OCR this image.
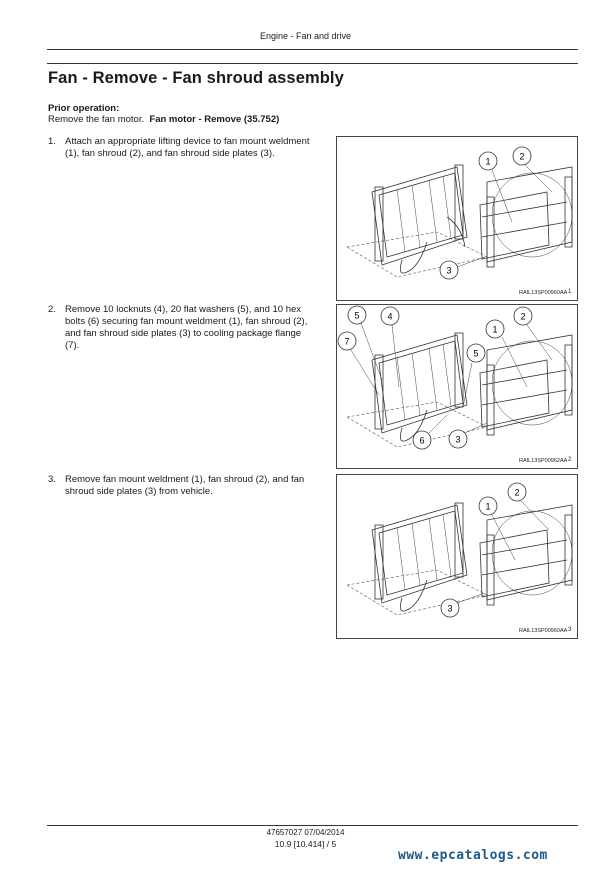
Engine - Fan and drive
Fan - Remove - Fan shroud assembly
Prior operation:
Remove the fan motor. Fan motor - Remove (35.752)
1. Attach an appropriate lifting device to fan mount weldment (1), fan shroud (2), and fan shroud side plates (3).
2. Remove 10 locknuts (4), 20 flat washers (5), and 10 hex bolts (6) securing fan mount weldment (1), fan shroud (2), and fan shroud side plates (3) to cooling package flange (7).
3. Remove fan mount weldment (1), fan shroud (2), and fan shroud side plates (3) from vehicle.
1	2
3
RAIL13SP00960AA 1
5	4
7
1
2
5
6	3
RAIL13SP00962AA 2
1
2
3
RAIL13SP00960AA 3
47657027 07/04/2014
10.9 [10.414] / 5
www.epcatalogs.com
